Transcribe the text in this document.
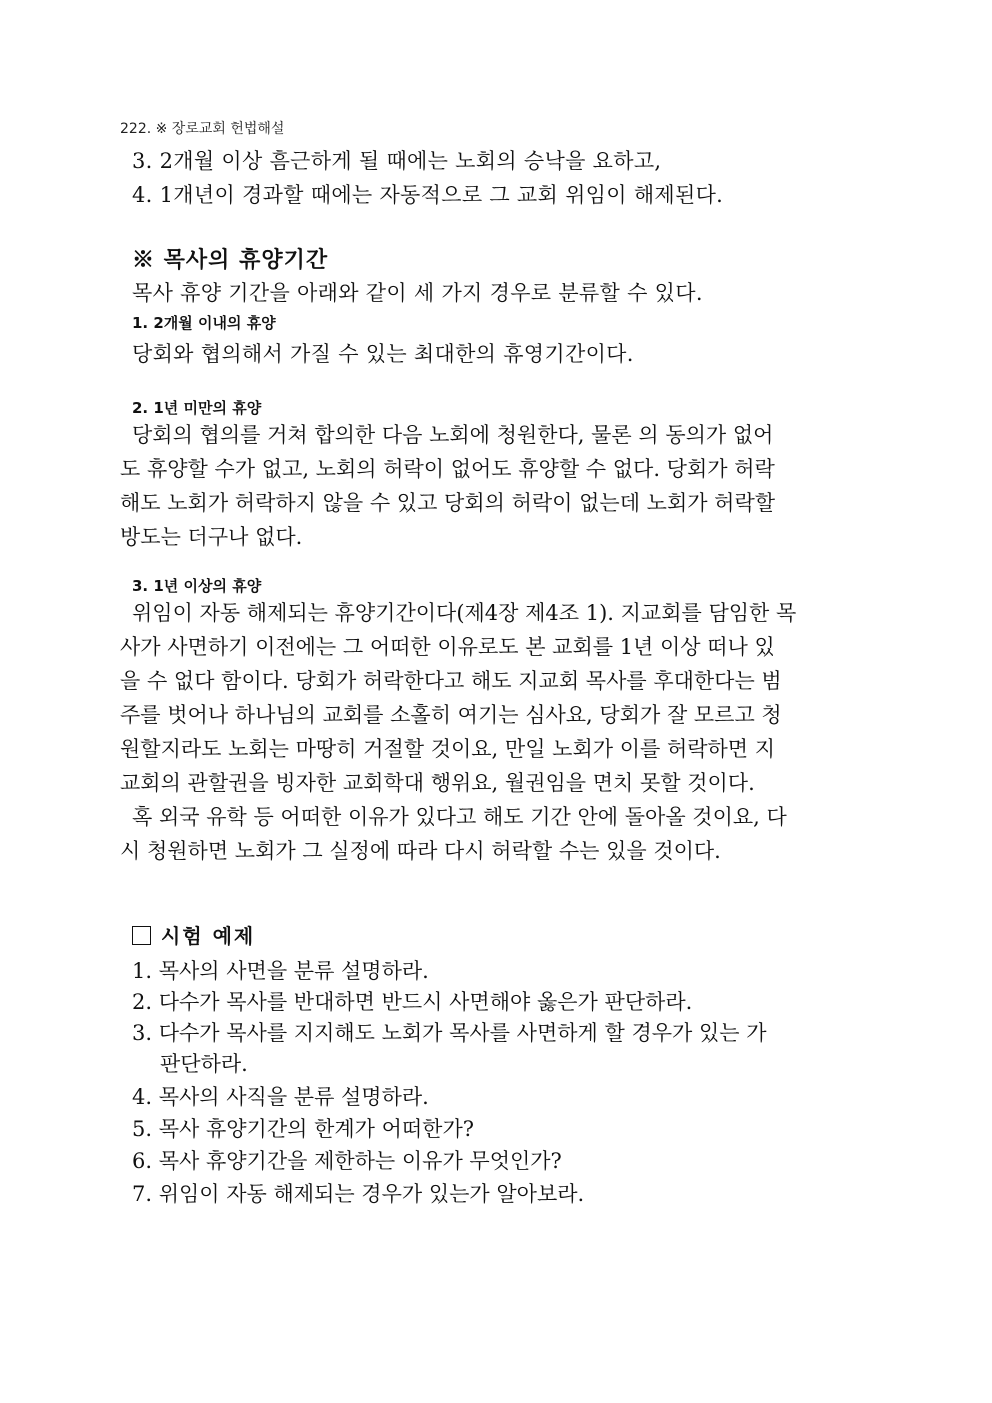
222. ※ 장로교회 헌법해설
3. 2개월 이상 흠근하게 될 때에는 노회의 승낙을 요하고,
4. 1개년이 경과할 때에는 자동적으로 그 교회 위임이 해제된다.
※ 목사의 휴양기간
목사 휴양 기간을 아래와 같이 세 가지 경우로 분류할 수 있다.
1. 2개월 이내의 휴양
당회와 협의해서 가질 수 있는 최대한의 휴영기간이다.
2. 1년 미만의 휴양
당회의 협의를 거쳐 합의한 다음 노회에 청원한다, 물론 의 동의가 없어
도 휴양할 수가 없고, 노회의 허락이 없어도 휴양할 수 없다. 당회가 허락
해도 노회가 허락하지 않을 수 있고 당회의 허락이 없는데 노회가 허락할
방도는 더구나 없다.
3. 1년 이상의 휴양
위임이 자동 해제되는 휴양기간이다(제4장 제4조 1). 지교회를 담임한 목
사가 사면하기 이전에는 그 어떠한 이유로도 본 교회를 1년 이상 떠나 있
을 수 없다 함이다. 당회가 허락한다고 해도 지교회 목사를 후대한다는 범
주를 벗어나 하나님의 교회를 소홀히 여기는 심사요, 당회가 잘 모르고 청
원할지라도 노회는 마땅히 거절할 것이요, 만일 노회가 이를 허락하면 지
교회의 관할권을 빙자한 교회학대 행위요, 월권임을 면치 못할 것이다.
혹 외국 유학 등 어떠한 이유가 있다고 해도 기간 안에 돌아올 것이요, 다
시 청원하면 노회가 그 실정에 따라 다시 허락할 수는 있을 것이다.
시험 예제
1. 목사의 사면을 분류 설명하라.
2. 다수가 목사를 반대하면 반드시 사면해야 옳은가 판단하라.
3. 다수가 목사를 지지해도 노회가 목사를 사면하게 할 경우가 있는 가
판단하라.
4. 목사의 사직을 분류 설명하라.
5. 목사 휴양기간의 한계가 어떠한가?
6. 목사 휴양기간을 제한하는 이유가 무엇인가?
7. 위임이 자동 해제되는 경우가 있는가 알아보라.
